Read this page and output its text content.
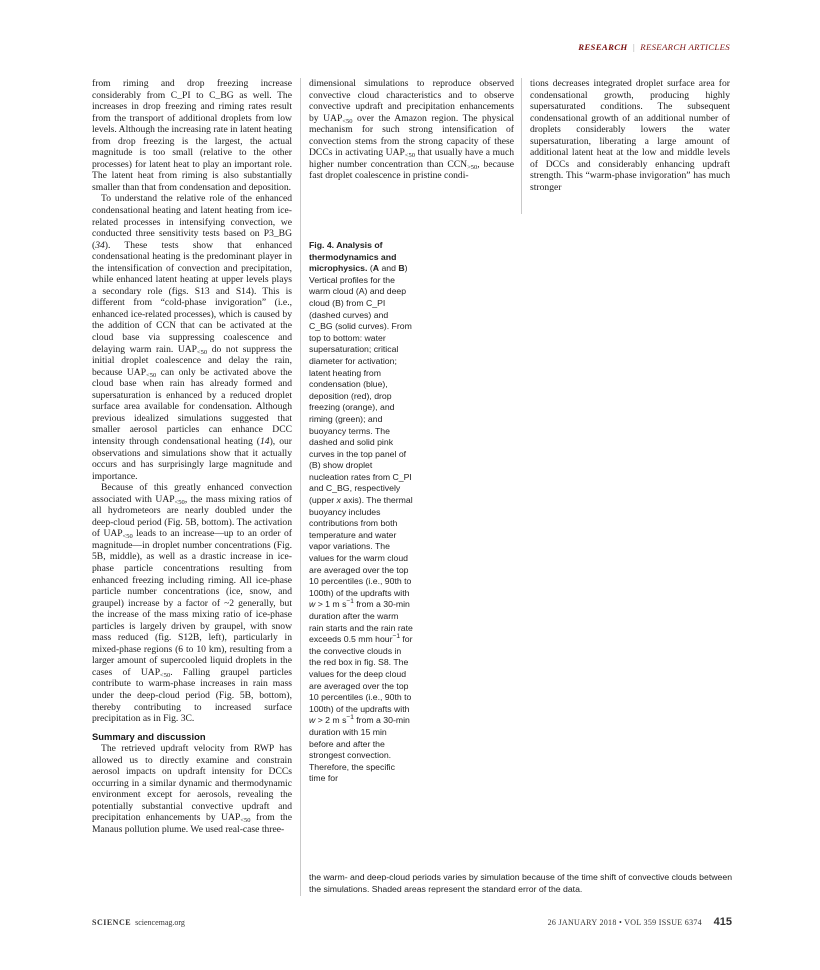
RESEARCH | RESEARCH ARTICLES

from riming and drop freezing increase considerably from C_PI to C_BG as well. The increases in drop freezing and riming rates result from the transport of additional droplets from low levels. Although the increasing rate in latent heating from drop freezing is the largest, the actual magnitude is too small (relative to the other processes) for latent heat to play an important role. The latent heat from riming is also substantially smaller than that from condensation and deposition.

To understand the relative role of the enhanced condensational heating and latent heating from ice-related processes in intensifying convection, we conducted three sensitivity tests based on P3_BG (34). These tests show that enhanced condensational heating is the predominant player in the intensification of convection and precipitation, while enhanced latent heating at upper levels plays a secondary role (figs. S13 and S14). This is different from “cold-phase invigoration” (i.e., enhanced ice-related processes), which is caused by the addition of CCN that can be activated at the cloud base via suppressing coalescence and delaying warm rain. $UAP_{<50}$ do not suppress the initial droplet coalescence and delay the rain, because $UAP_{<50}$ can only be activated above the cloud base when rain has already formed and supersaturation is enhanced by a reduced droplet surface area available for condensation. Although previous idealized simulations suggested that smaller aerosol particles can enhance DCC intensity through condensational heating (14), our observations and simulations show that it actually occurs and has surprisingly large magnitude and importance.

Because of this greatly enhanced convection associated with $UAP_{<50}$, the mass mixing ratios of all hydrometeors are nearly doubled under the deep-cloud period (Fig. 5B, bottom). The activation of $UAP_{<50}$ leads to an increase—up to an order of magnitude—in droplet number concentrations (Fig. 5B, middle), as well as a drastic increase in ice-phase particle concentrations resulting from enhanced freezing including riming. All ice-phase particle number concentrations (ice, snow, and graupel) increase by a factor of ~2 generally, but the increase of the mass mixing ratio of ice-phase particles is largely driven by graupel, with snow mass reduced (fig. S12B, left), particularly in mixed-phase regions (6 to 10 km), resulting from a larger amount of supercooled liquid droplets in the cases of $UAP_{<50}$. Falling graupel particles contribute to warm-phase increases in rain mass under the deep-cloud period (Fig. 5B, bottom), thereby contributing to increased surface precipitation as in Fig. 3C.

Summary and discussion

The retrieved updraft velocity from RWP has allowed us to directly examine and constrain aerosol impacts on updraft intensity for DCCs occurring in a similar dynamic and thermodynamic environment except for aerosols, revealing the potentially substantial convective updraft and precipitation enhancements by $UAP_{<50}$ from the Manaus pollution plume. We used real-case three-

dimensional simulations to reproduce observed convective cloud characteristics and to observe convective updraft and precipitation enhancements by $UAP_{<50}$ over the Amazon region. The physical mechanism for such strong intensification of convection stems from the strong capacity of these DCCs in activating $UAP_{<50}$ that usually have a much higher number concentration than $CCN_{>50}$, because fast droplet coalescence in pristine condi-

tions decreases integrated droplet surface area for condensational growth, producing highly supersaturated conditions. The subsequent condensational growth of an additional number of droplets considerably lowers the water supersaturation, liberating a large amount of additional latent heat at the low and middle levels of DCCs and considerably enhancing updraft strength. This “warm-phase invigoration” has much stronger

Fig. 4. Analysis of thermodynamics and microphysics. (A and B) Vertical profiles for the warm cloud (A) and deep cloud (B) from C_PI (dashed curves) and C_BG (solid curves). From top to bottom: water supersaturation; critical diameter for activation; latent heating from condensation (blue), deposition (red), drop freezing (orange), and riming (green); and buoyancy terms. The dashed and solid pink curves in the top panel of (B) show droplet nucleation rates from C_PI and C_BG, respectively (upper x axis). The thermal buoyancy includes contributions from both temperature and water vapor variations. The values for the warm cloud are averaged over the top 10 percentiles (i.e., 90th to 100th) of the updrafts with w > 1 m $s^{-1}$ from a 30-min duration after the warm rain starts and the rain rate exceeds 0.5 mm hour$^{-1}$ for the convective clouds in the red box in fig. S8. The values for the deep cloud are averaged over the top 10 percentiles (i.e., 90th to 100th) of the updrafts with w > 2 m $s^{-1}$ from a 30-min duration with 15 min before and after the strongest convection. Therefore, the specific time for
the warm- and deep-cloud periods varies by simulation because of the time shift of convective clouds between the simulations. Shaded areas represent the standard error of the data.
SCIENCE sciencemag.org	26 JANUARY 2018 • VOL 359 ISSUE 6374 415
